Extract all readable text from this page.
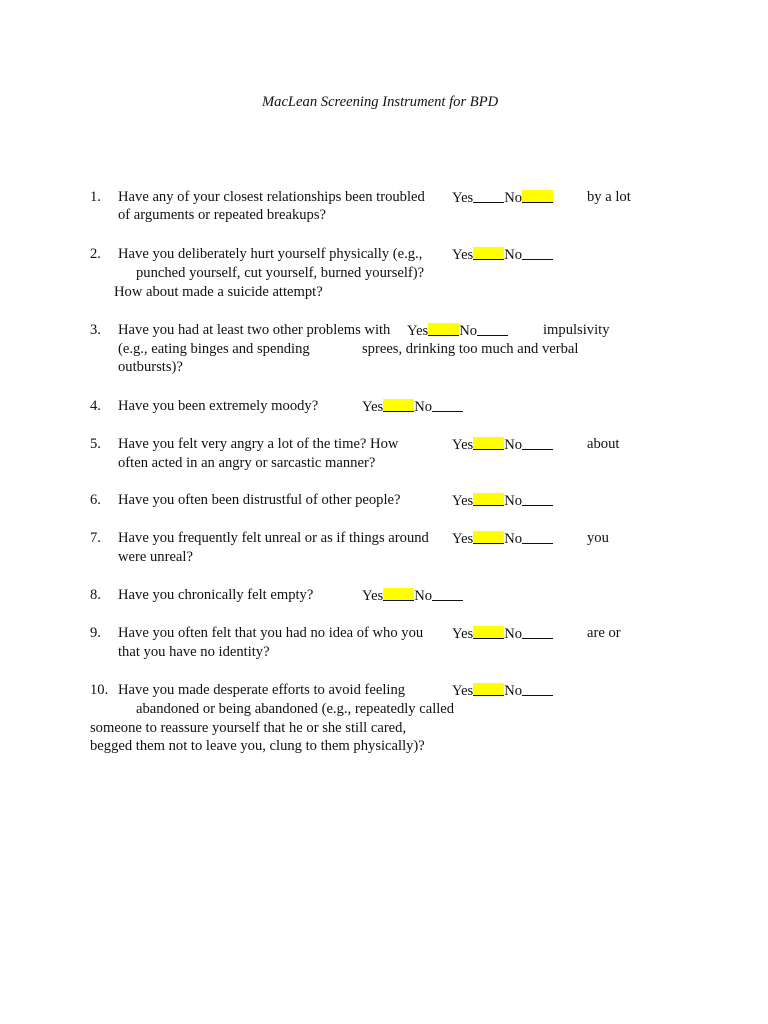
MacLean Screening Instrument for BPD
1. Have any of your closest relationships been troubled
of arguments or repeated breakups?
Yes No	by a lot
2. Have you deliberately hurt yourself physically (e.g.,
punched yourself, cut yourself, burned yourself)?
How about made a suicide attempt?
Yes No
3. Have you had at least two other problems with
(e.g., eating binges and spending	sprees, drinking too much and verbal
outbursts)?
Yes No	impulsivity
4. Have you been extremely moody?	Yes No
5. Have you felt very angry a lot of the time? How
often acted in an angry or sarcastic manner?
Yes No	about
6. Have you often been distrustful of other people?	Yes No
7. Have you frequently felt unreal or as if things around
were unreal?
Yes No	you
8. Have you chronically felt empty?	Yes No
9. Have you often felt that you had no idea of who you
that you have no identity?
Yes No	are or
10. Have you made desperate efforts to avoid feeling
abandoned or being abandoned (e.g., repeatedly called
someone to reassure yourself that he or she still cared,
begged them not to leave you, clung to them physically)?
Yes No
